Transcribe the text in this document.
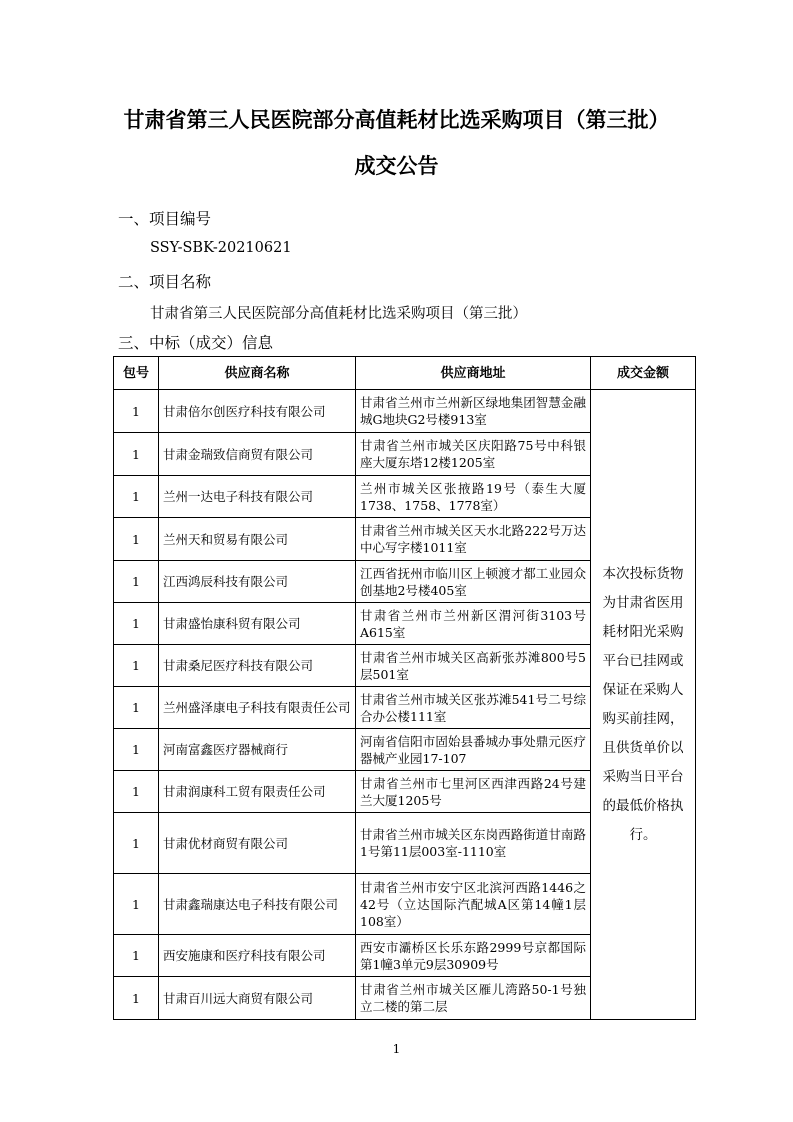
甘肃省第三人民医院部分高值耗材比选采购项目（第三批）
成交公告
一、项目编号
SSY-SBK-20210621
二、项目名称
甘肃省第三人民医院部分高值耗材比选采购项目（第三批）
三、中标（成交）信息
包号	供应商名称	供应商地址	成交金额
1	甘肃倍尔创医疗科技有限公司	甘肃省兰州市兰州新区绿地集团智慧金融城G地块G2号楼913室	本次投标货物为甘肃省医用耗材阳光采购平台已挂网或保证在采购人购买前挂网，且供货单价以采购当日平台的最低价格执行。
1	甘肃金瑞致信商贸有限公司	甘肃省兰州市城关区庆阳路75号中科银座大厦东塔12楼1205室	
1	兰州一达电子科技有限公司	兰州市城关区张掖路19号（泰生大厦1738、1758、1778室）	
1	兰州天和贸易有限公司	甘肃省兰州市城关区天水北路222号万达中心写字楼1011室	
1	江西鸿辰科技有限公司	江西省抚州市临川区上顿渡才都工业园众创基地2号楼405室	
1	甘肃盛怡康科贸有限公司	甘肃省兰州市兰州新区渭河街3103号A615室	
1	甘肃桑尼医疗科技有限公司	甘肃省兰州市城关区高新张苏滩800号5层501室	
1	兰州盛泽康电子科技有限责任公司	甘肃省兰州市城关区张苏滩541号二号综合办公楼111室	
1	河南富鑫医疗器械商行	河南省信阳市固始县番城办事处鼎元医疗器械产业园17-107	
1	甘肃润康科工贸有限责任公司	甘肃省兰州市七里河区西津西路24号建兰大厦1205号	
1	甘肃优材商贸有限公司	甘肃省兰州市城关区东岗西路街道甘南路1号第11层003室-1110室	
1	甘肃鑫瑞康达电子科技有限公司	甘肃省兰州市安宁区北滨河西路1446之42号（立达国际汽配城A区第14幢1层108室）	
1	西安施康和医疗科技有限公司	西安市灞桥区长乐东路2999号京都国际第1幢3单元9层30909号	
1	甘肃百川远大商贸有限公司	甘肃省兰州市城关区雁儿湾路50-1号独立二楼的第二层	
1
